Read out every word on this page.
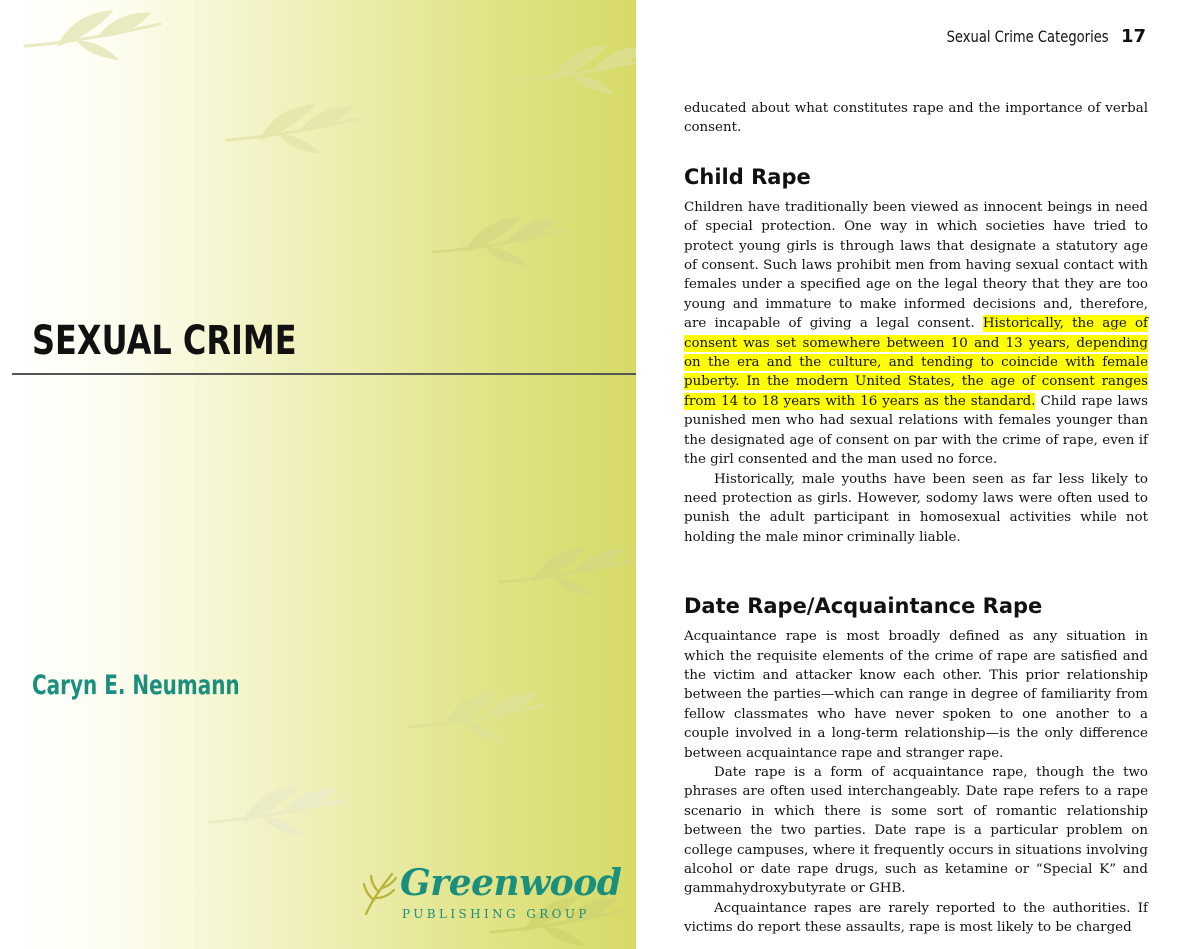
SEXUAL CRIME
Caryn E. Neumann
Greenwood
PUBLISHING GROUP
Sexual Crime Categories 17

educated about what constitutes rape and the importance of verbal consent.

Child Rape

Children have traditionally been viewed as innocent beings in need of special protection. One way in which societies have tried to protect young girls is through laws that designate a statutory age of consent. Such laws prohibit men from having sexual contact with females under a specified age on the legal theory that they are too young and immature to make informed decisions and, therefore, are incapable of giving a legal consent. Historically, the age of consent was set somewhere between 10 and 13 years, depending on the era and the culture, and tending to coincide with female puberty. In the modern United States, the age of consent ranges from 14 to 18 years with 16 years as the standard. Child rape laws punished men who had sexual relations with females younger than the designated age of consent on par with the crime of rape, even if the girl consented and the man used no force.

Historically, male youths have been seen as far less likely to need protection as girls. However, sodomy laws were often used to punish the adult participant in homosexual activities while not holding the male minor criminally liable.

Date Rape/Acquaintance Rape

Acquaintance rape is most broadly defined as any situation in which the requisite elements of the crime of rape are satisfied and the victim and attacker know each other. This prior relationship between the parties—which can range in degree of familiarity from fellow classmates who have never spoken to one another to a couple involved in a long-term relationship—is the only difference between acquaintance rape and stranger rape.

Date rape is a form of acquaintance rape, though the two phrases are often used interchangeably. Date rape refers to a rape scenario in which there is some sort of romantic relationship between the two parties. Date rape is a particular problem on college campuses, where it frequently occurs in situations involving alcohol or date rape drugs, such as ketamine or “Special K” and gammahydroxybutyrate or GHB.

Acquaintance rapes are rarely reported to the authorities. If victims do report these assaults, rape is most likely to be charged
